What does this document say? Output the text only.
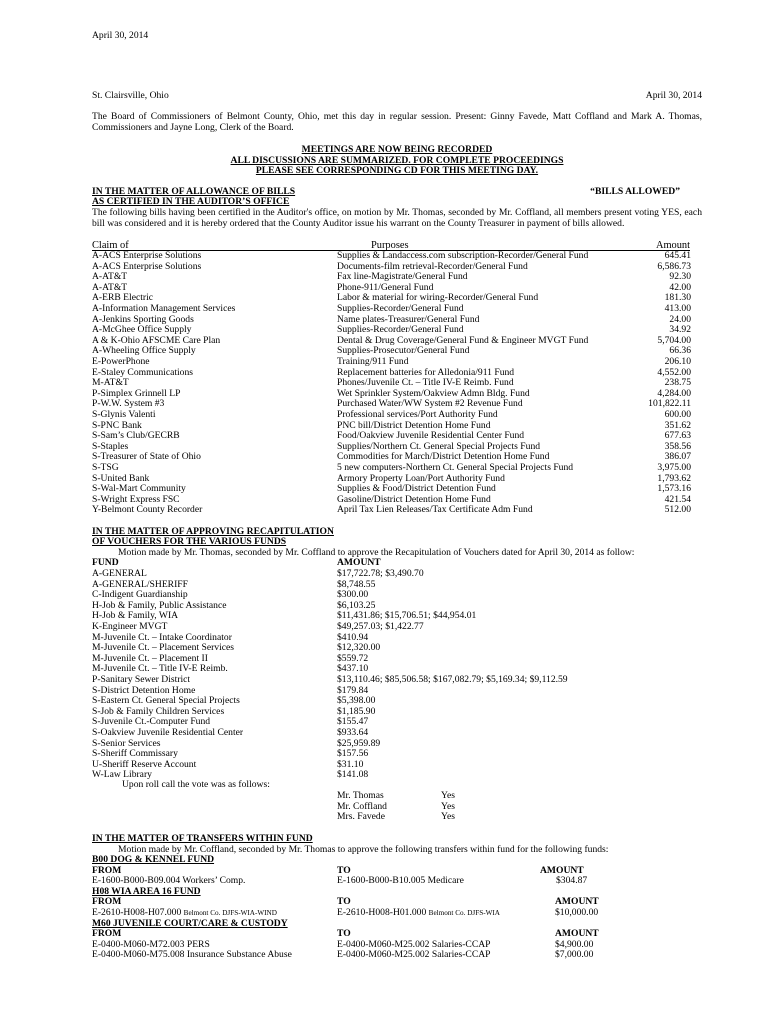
April 30, 2014
St. Clairsville, Ohio	April 30, 2014
The Board of Commissioners of Belmont County, Ohio, met this day in regular session. Present: Ginny Favede, Matt Coffland and Mark A. Thomas, Commissioners and Jayne Long, Clerk of the Board.
MEETINGS ARE NOW BEING RECORDED
ALL DISCUSSIONS ARE SUMMARIZED. FOR COMPLETE PROCEEDINGS
PLEASE SEE CORRESPONDING CD FOR THIS MEETING DAY.
IN THE MATTER OF ALLOWANCE OF BILLS	“BILLS ALLOWED”
AS CERTIFIED IN THE AUDITOR’S OFFICE
The following bills having been certified in the Auditor's office, on motion by Mr. Thomas, seconded by Mr. Coffland, all members present voting YES, each bill was considered and it is hereby ordered that the County Auditor issue his warrant on the County Treasurer in payment of bills allowed.
Claim of	Purposes	Amount
A-ACS Enterprise Solutions	Supplies & Landaccess.com subscription-Recorder/General Fund	645.41
A-ACS Enterprise Solutions	Documents-film retrieval-Recorder/General Fund	6,586.73
A-AT&T	Fax line-Magistrate/General Fund	92.30
A-AT&T	Phone-911/General Fund	42.00
A-ERB Electric	Labor & material for wiring-Recorder/General Fund	181.30
A-Information Management Services	Supplies-Recorder/General Fund	413.00
A-Jenkins Sporting Goods	Name plates-Treasurer/General Fund	24.00
A-McGhee Office Supply	Supplies-Recorder/General Fund	34.92
A & K-Ohio AFSCME Care Plan	Dental & Drug Coverage/General Fund & Engineer MVGT Fund	5,704.00
A-Wheeling Office Supply	Supplies-Prosecutor/General Fund	66.36
E-PowerPhone	Training/911 Fund	206.10
E-Staley Communications	Replacement batteries for Alledonia/911 Fund	4,552.00
M-AT&T	Phones/Juvenile Ct. – Title IV-E Reimb. Fund	238.75
P-Simplex Grinnell LP	Wet Sprinkler System/Oakview Admn Bldg. Fund	4,284.00
P-W.W. System #3	Purchased Water/WW System #2 Revenue Fund	101,822.11
S-Glynis Valenti	Professional services/Port Authority Fund	600.00
S-PNC Bank	PNC bill/District Detention Home Fund	351.62
S-Sam’s Club/GECRB	Food/Oakview Juvenile Residential Center Fund	677.63
S-Staples	Supplies/Northern Ct. General Special Projects Fund	358.56
S-Treasurer of State of Ohio	Commodities for March/District Detention Home Fund	386.07
S-TSG	5 new computers-Northern Ct. General Special Projects Fund	3,975.00
S-United Bank	Armory Property Loan/Port Authority Fund	1,793.62
S-Wal-Mart Community	Supplies & Food/District Detention Fund	1,573.16
S-Wright Express FSC	Gasoline/District Detention Home Fund	421.54
Y-Belmont County Recorder	April Tax Lien Releases/Tax Certificate Adm Fund	512.00
IN THE MATTER OF APPROVING RECAPITULATION
OF VOUCHERS FOR THE VARIOUS FUNDS
Motion made by Mr. Thomas, seconded by Mr. Coffland to approve the Recapitulation of Vouchers dated for April 30, 2014 as follow:
FUND	AMOUNT
A-GENERAL	$17,722.78; $3,490.70
A-GENERAL/SHERIFF	$8,748.55
C-Indigent Guardianship	$300.00
H-Job & Family, Public Assistance	$6,103.25
H-Job & Family, WIA	$11,431.86; $15,706.51; $44,954.01
K-Engineer MVGT	$49,257.03; $1,422.77
M-Juvenile Ct. – Intake Coordinator	$410.94
M-Juvenile Ct. – Placement Services	$12,320.00
M-Juvenile Ct. – Placement II	$559.72
M-Juvenile Ct. – Title IV-E Reimb.	$437.10
P-Sanitary Sewer District	$13,110.46; $85,506.58; $167,082.79; $5,169.34; $9,112.59
S-District Detention Home	$179.84
S-Eastern Ct. General Special Projects	$5,398.00
S-Job & Family Children Services	$1,185.90
S-Juvenile Ct.-Computer Fund	$155.47
S-Oakview Juvenile Residential Center	$933.64
S-Senior Services	$25,959.89
S-Sheriff Commissary	$157.56
U-Sheriff Reserve Account	$31.10
W-Law Library	$141.08
Upon roll call the vote was as follows:
Mr. Thomas	Yes
Mr. Coffland	Yes
Mrs. Favede	Yes
IN THE MATTER OF TRANSFERS WITHIN FUND
Motion made by Mr. Coffland, seconded by Mr. Thomas to approve the following transfers within fund for the following funds:
B00 DOG & KENNEL FUND
FROM	TO	AMOUNT
E-1600-B000-B09.004 Workers’ Comp.	E-1600-B000-B10.005 Medicare	$304.87
H08 WIA AREA 16 FUND
FROM	TO	AMOUNT
E-2610-H008-H07.000 Belmont Co. DJFS-WIA-WIND	E-2610-H008-H01.000 Belmont Co. DJFS-WIA	$10,000.00
M60 JUVENILE COURT/CARE & CUSTODY
FROM	TO	AMOUNT
E-0400-M060-M72.003 PERS	E-0400-M060-M25.002 Salaries-CCAP	$4,900.00
E-0400-M060-M75.008 Insurance Substance Abuse	E-0400-M060-M25.002 Salaries-CCAP	$7,000.00
